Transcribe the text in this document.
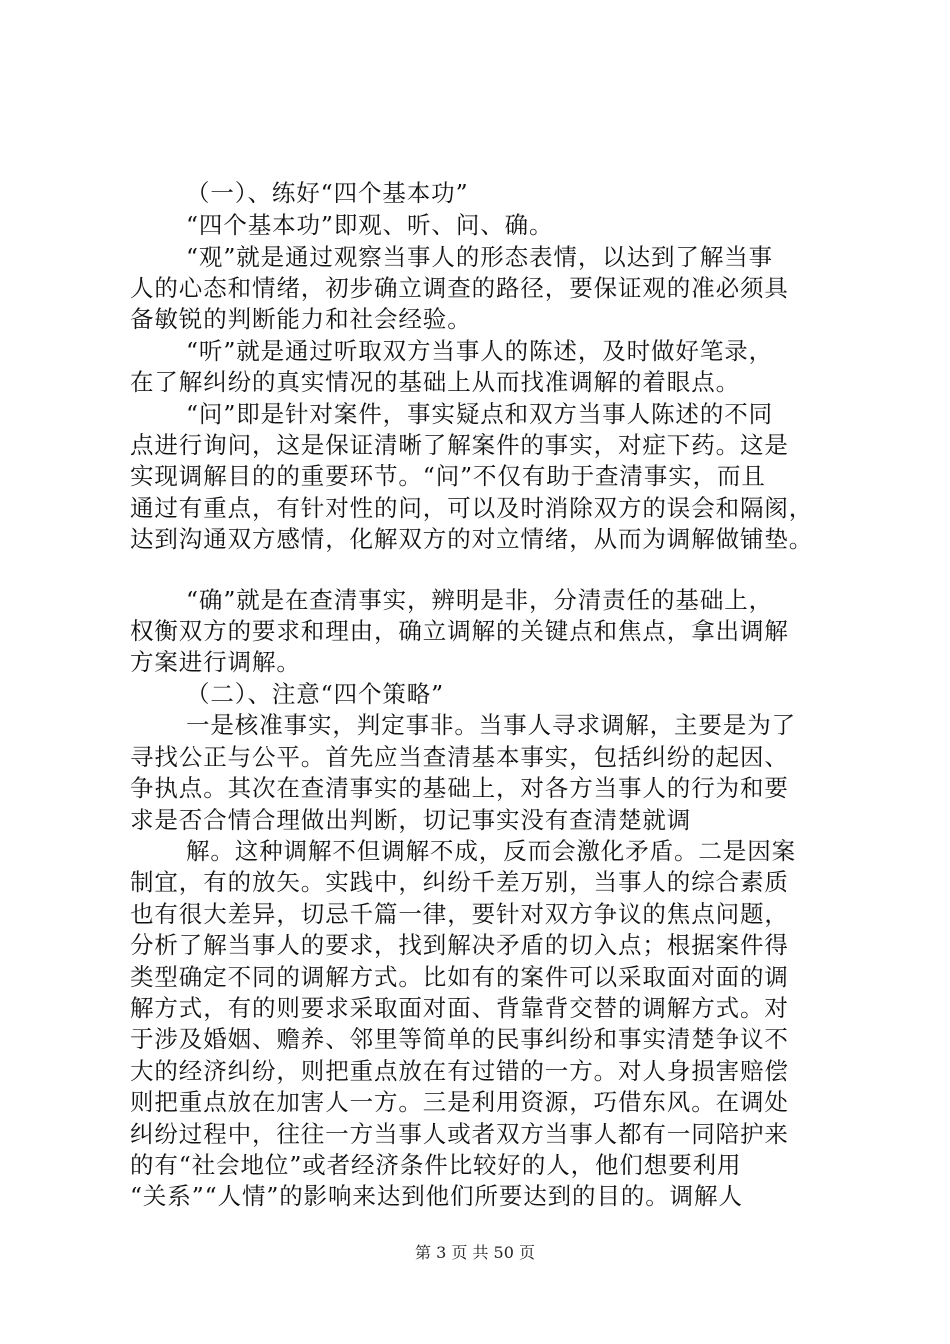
（一）、练好“四个基本功”
“四个基本功”即观、听、问、确。
“观”就是通过观察当事人的形态表情，以达到了解当事
人的心态和情绪，初步确立调查的路径，要保证观的准必须具
备敏锐的判断能力和社会经验。
“听”就是通过听取双方当事人的陈述，及时做好笔录，
在了解纠纷的真实情况的基础上从而找准调解的着眼点。
“问”即是针对案件，事实疑点和双方当事人陈述的不同
点进行询问，这是保证清晰了解案件的事实，对症下药。这是
实现调解目的的重要环节。“问”不仅有助于查清事实，而且
通过有重点，有针对性的问，可以及时消除双方的误会和隔阂，
达到沟通双方感情，化解双方的对立情绪，从而为调解做铺垫。
“确”就是在查清事实，辨明是非，分清责任的基础上，
权衡双方的要求和理由，确立调解的关键点和焦点，拿出调解
方案进行调解。
（二）、注意“四个策略”
一是核准事实，判定事非。当事人寻求调解，主要是为了
寻找公正与公平。首先应当查清基本事实，包括纠纷的起因、
争执点。其次在查清事实的基础上，对各方当事人的行为和要
求是否合情合理做出判断，切记事实没有查清楚就调
解。这种调解不但调解不成，反而会激化矛盾。二是因案
制宜，有的放矢。实践中，纠纷千差万别，当事人的综合素质
也有很大差异，切忌千篇一律，要针对双方争议的焦点问题，
分析了解当事人的要求，找到解决矛盾的切入点；根据案件得
类型确定不同的调解方式。比如有的案件可以采取面对面的调
解方式，有的则要求采取面对面、背靠背交替的调解方式。对
于涉及婚姻、赡养、邻里等简单的民事纠纷和事实清楚争议不
大的经济纠纷，则把重点放在有过错的一方。对人身损害赔偿
则把重点放在加害人一方。三是利用资源，巧借东风。在调处
纠纷过程中，往往一方当事人或者双方当事人都有一同陪护来
的有“社会地位”或者经济条件比较好的人，他们想要利用
“关系”“人情”的影响来达到他们所要达到的目的。调解人
第 3 页 共 50 页
